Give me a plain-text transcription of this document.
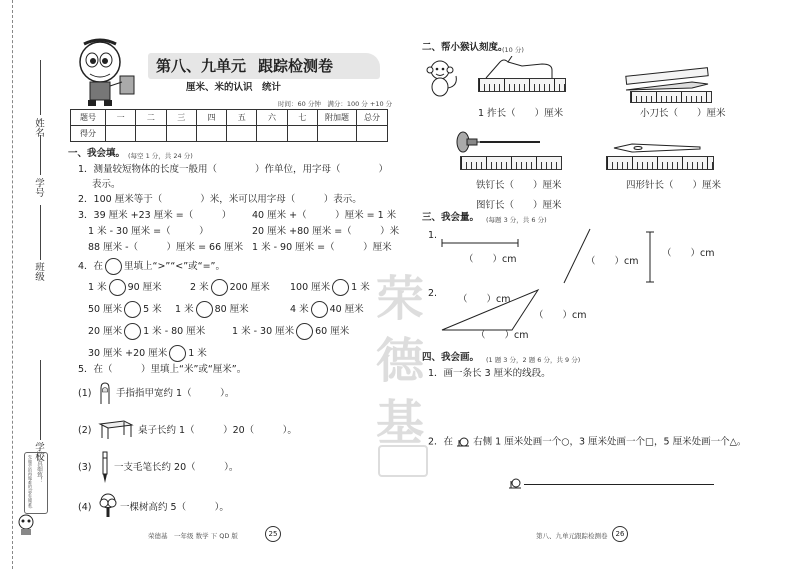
姓名
学号
班级
学校
认真细致！
先做会的再做难的(要先做难)
第八、九单元 跟踪检测卷
厘米、米的认识　统计
时间：60 分钟　满分：100 分 +10 分
题号	一	二	三	四	五	六	七	附加题	总分
得分									
一、我会填。 (每空 1 分，共 24 分)
1．测量较短物体的长度一般用（　　　　）作单位，用字母（　　　　）
表示。
2．100 厘米等于（　　　　）米，米可以用字母（　　　）表示。
3．39 厘米 +23 厘米 =（　　　） 40 厘米 +（　　　）厘米 = 1 米
1 米 - 30 厘米 =（　　　）	20 厘米 +80 厘米 =（　　　）米
88 厘米 -（　　　）厘米 = 66 厘米 1 米 - 90 厘米 =（　　　）厘米
4．在 里填上“>”“<”或“=”。
1 米 90 厘米	2 米 200 厘米 100 厘米 1 米
50 厘米 5 米 1 米 80 厘米	4 米 40 厘米
20 厘米 1 米 - 80 厘米	1 米 - 30 厘米 60 厘米
30 厘米 +20 厘米 1 米
5．在（　　　）里填上“米”或“厘米”。
(1)	手指指甲宽约 1（　　　）。
(2)	桌子长约 1（　　　）20（　　　）。
(3) 一支毛笔长约 20（　　　）。
(4)	一棵树高约 5（　　　）。
荣德基　一年级 数学 下 QD 版	25
荣
德
基
二、帮小猴认刻度。
(10 分)
1 拃长（　　）厘米	小刀长（　　）厘米
铁钉长（　　）厘米
图钉长（　　）厘米
四形针长（　　）厘米
三、我会量。 (每题 3 分，共 6 分)
1.
（　　）cm	（　　）cm
（　　）cm
2.
（　　）cm
（　　）cm
（　　）cm
四、我会画。 (1 题 3 分，2 题 6 分，共 9 分)
1．画一条长 3 厘米的线段。
2．在 右侧 1 厘米处画一个○，3 厘米处画一个□，5 厘米处画一个△。
第八、九单元跟踪检测卷	26
